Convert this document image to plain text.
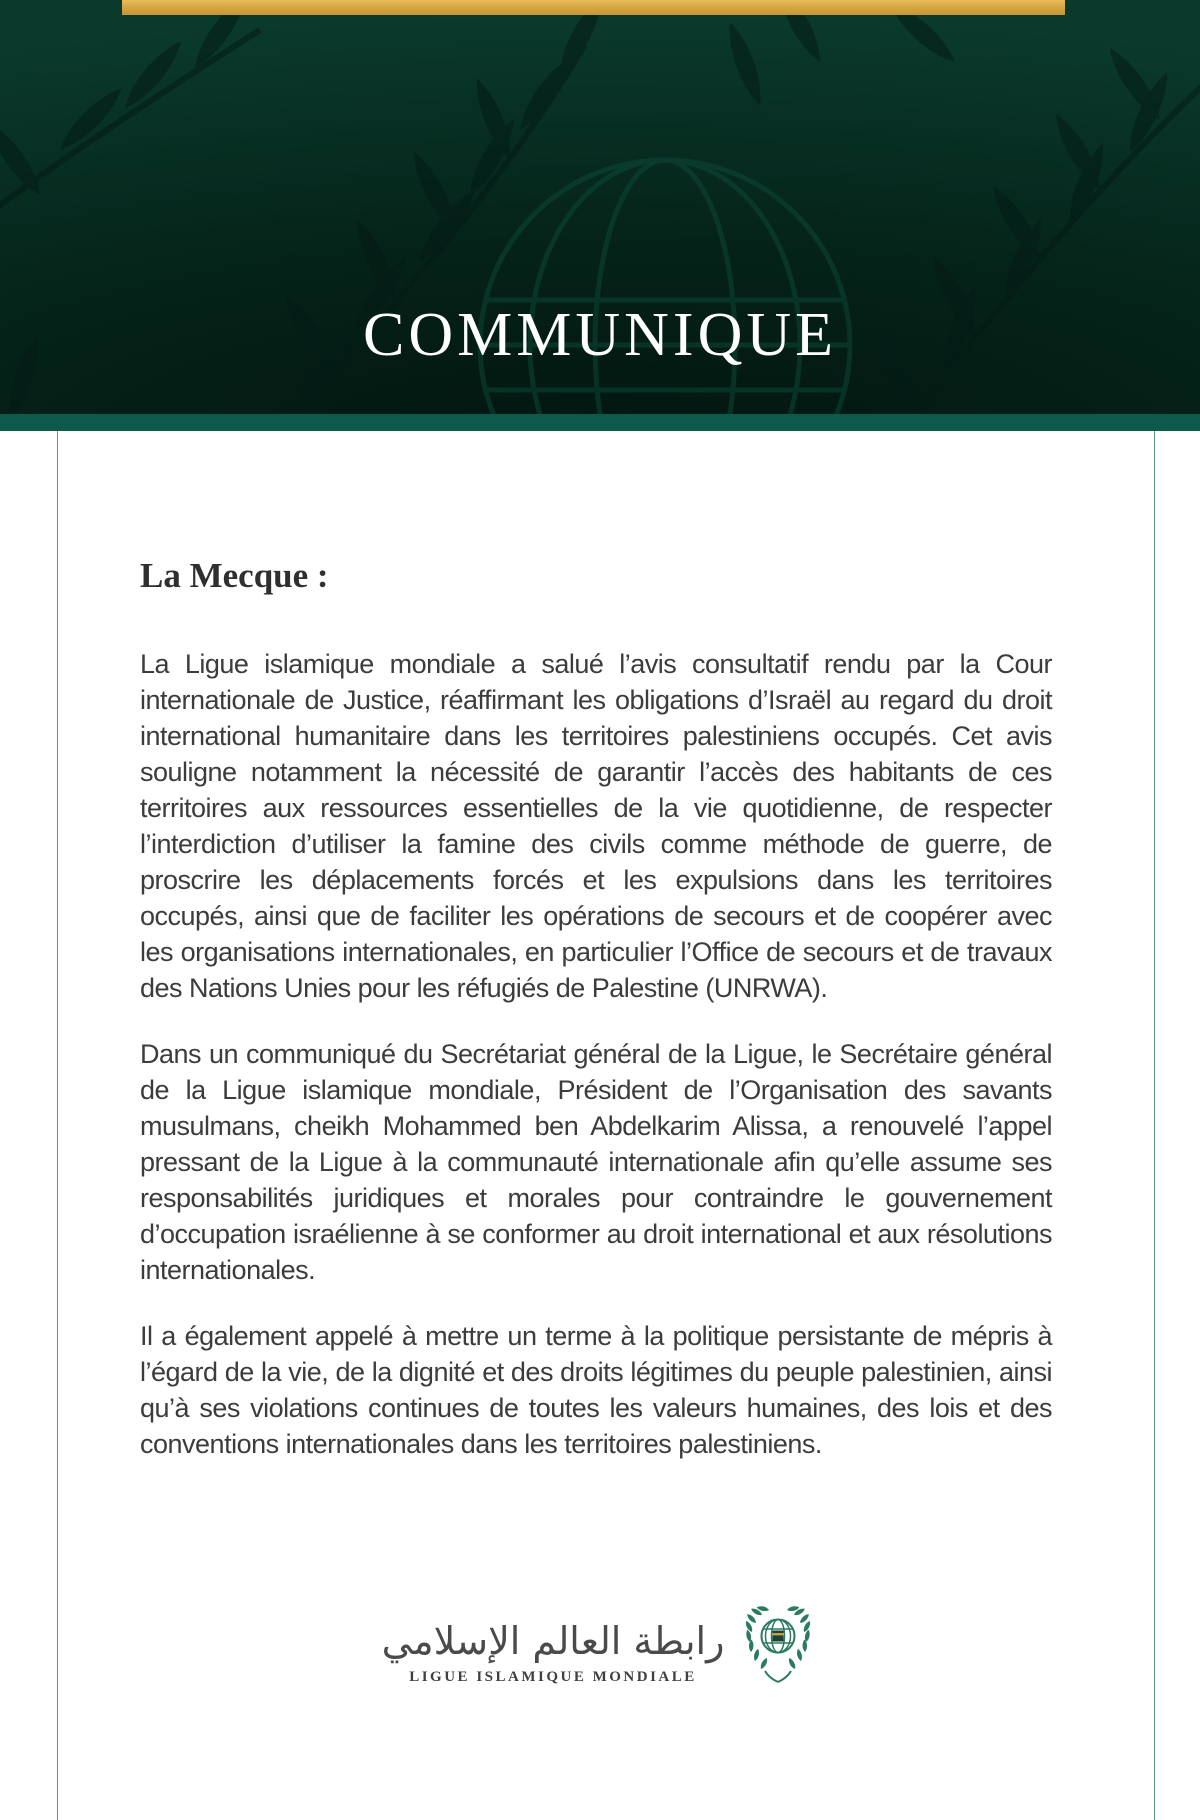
COMMUNIQUE
La Mecque :

La Ligue islamique mondiale a salué l’avis consultatif rendu par la Cour internationale de Justice, réaffirmant les obligations d’Israël au regard du droit international humanitaire dans les territoires palestiniens occupés. Cet avis souligne notamment la nécessité de garantir l’accès des habitants de ces territoires aux ressources essentielles de la vie quotidienne, de respecter l’interdiction d’utiliser la famine des civils comme méthode de guerre, de proscrire les déplacements forcés et les expulsions dans les territoires occupés, ainsi que de faciliter les opérations de secours et de coopérer avec les organisations internationales, en particulier l’Office de secours et de travaux des Nations Unies pour les réfugiés de Palestine (UNRWA).

Dans un communiqué du Secrétariat général de la Ligue, le Secrétaire général de la Ligue islamique mondiale, Président de l’Organisation des savants musulmans, cheikh Mohammed ben Abdelkarim Alissa, a renouvelé l’appel pressant de la Ligue à la communauté internationale afin qu’elle assume ses responsabilités juridiques et morales pour contraindre le gouvernement d’occupation israélienne à se conformer au droit international et aux résolutions internationales.

Il a également appelé à mettre un terme à la politique persistante de mépris à l’égard de la vie, de la dignité et des droits légitimes du peuple palestinien, ainsi qu’à ses violations continues de toutes les valeurs humaines, des lois et des conventions internationales dans les territoires palestiniens.

رابطة العالم الإسلامي
LIGUE ISLAMIQUE MONDIALE
